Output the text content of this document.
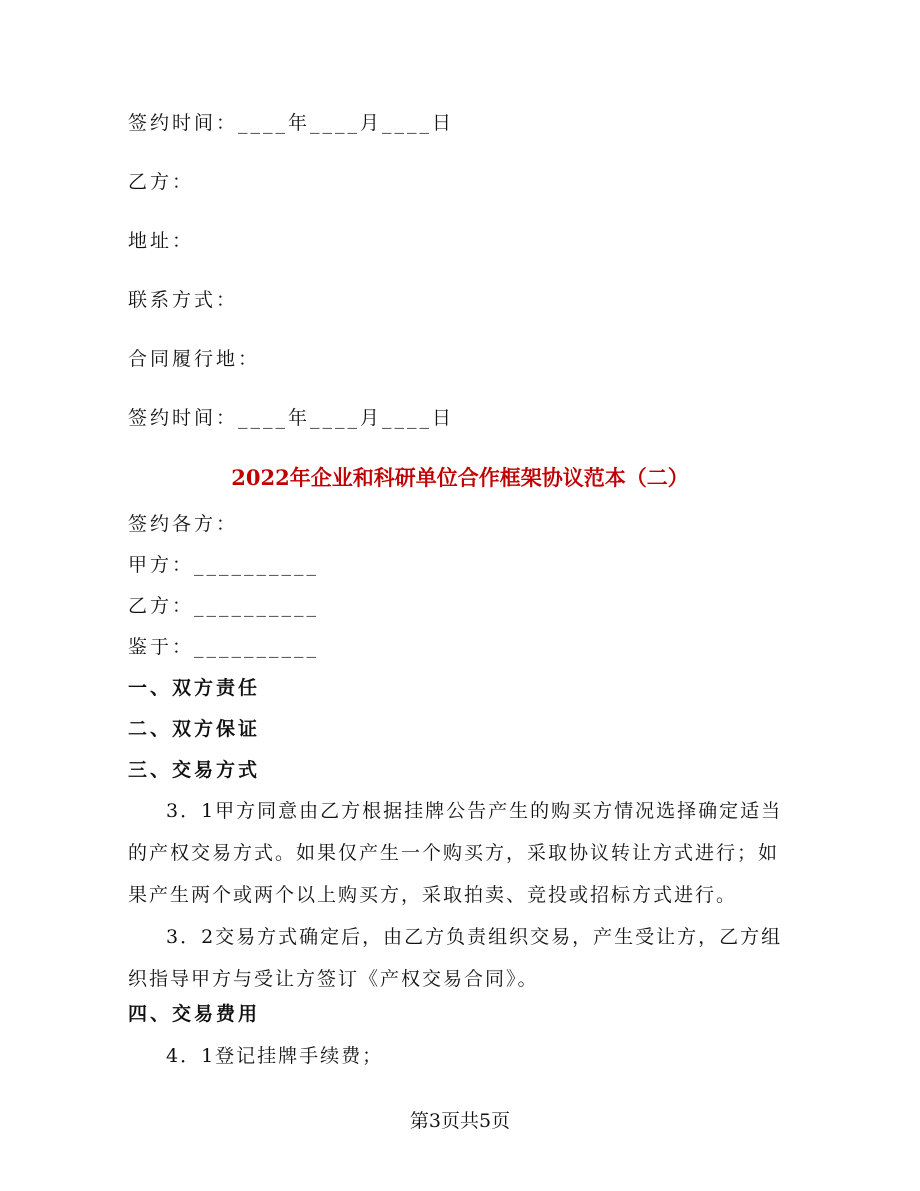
签约时间：____年____月____日

乙方：

地址：

联系方式：

合同履行地：

签约时间：____年____月____日

2022年企业和科研单位合作框架协议范本（二）

签约各方：

甲方：__________

乙方：__________

鉴于：__________

一、双方责任

二、双方保证

三、交易方式

3．1甲方同意由乙方根据挂牌公告产生的购买方情况选择确定适当的产权交易方式。如果仅产生一个购买方，采取协议转让方式进行；如果产生两个或两个以上购买方，采取拍卖、竞投或招标方式进行。

3．2交易方式确定后，由乙方负责组织交易，产生受让方，乙方组织指导甲方与受让方签订《产权交易合同》。

四、交易费用

4．1登记挂牌手续费；

第3页共5页
